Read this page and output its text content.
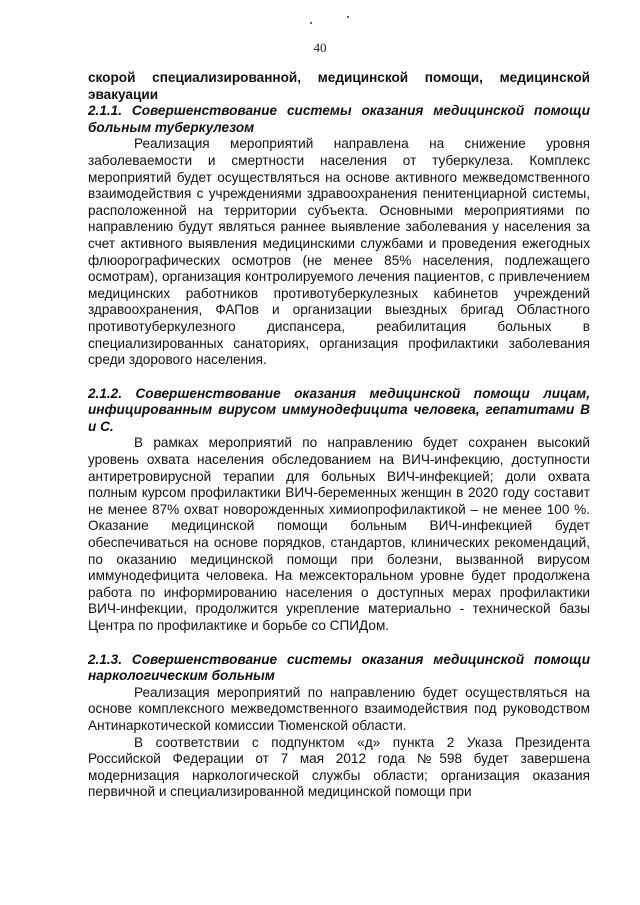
40

скорой специализированной, медицинской помощи, медицинской эвакуации

2.1.1. Совершенствование системы оказания медицинской помощи больным туберкулезом

Реализация мероприятий направлена на снижение уровня заболеваемости и смертности населения от туберкулеза. Комплекс мероприятий будет осуществляться на основе активного межведомственного взаимодействия с учреждениями здравоохранения пенитенциарной системы, расположенной на территории субъекта. Основными мероприятиями по направлению будут являться раннее выявление заболевания у населения за счет активного выявления медицинскими службами и проведения ежегодных флюорографических осмотров (не менее 85% населения, подлежащего осмотрам), организация контролируемого лечения пациентов, с привлечением медицинских работников противотуберкулезных кабинетов учреждений здравоохранения, ФАПов и организации выездных бригад Областного противотуберкулезного диспансера, реабилитация больных в специализированных санаториях, организация профилактики заболевания среди здорового населения.

2.1.2. Совершенствование оказания медицинской помощи лицам, инфицированным вирусом иммунодефицита человека, гепатитами В и С.

В рамках мероприятий по направлению будет сохранен высокий уровень охвата населения обследованием на ВИЧ-инфекцию, доступности антиретровирусной терапии для больных ВИЧ-инфекцией; доли охвата полным курсом профилактики ВИЧ-беременных женщин в 2020 году составит не менее 87% охват новорожденных химиопрофилактикой – не менее 100 %. Оказание медицинской помощи больным ВИЧ-инфекцией будет обеспечиваться на основе порядков, стандартов, клинических рекомендаций, по оказанию медицинской помощи при болезни, вызванной вирусом иммунодефицита человека. На межсекторальном уровне будет продолжена работа по информированию населения о доступных мерах профилактики ВИЧ-инфекции, продолжится укрепление материально - технической базы Центра по профилактике и борьбе со СПИДом.

2.1.3. Совершенствование системы оказания медицинской помощи наркологическим больным

Реализация мероприятий по направлению будет осуществляться на основе комплексного межведомственного взаимодействия под руководством Антинаркотической комиссии Тюменской области.

В соответствии с подпунктом «д» пункта 2 Указа Президента Российской Федерации от 7 мая 2012 года №598 будет завершена модернизация наркологической службы области; организация оказания первичной и специализированной медицинской помощи при
